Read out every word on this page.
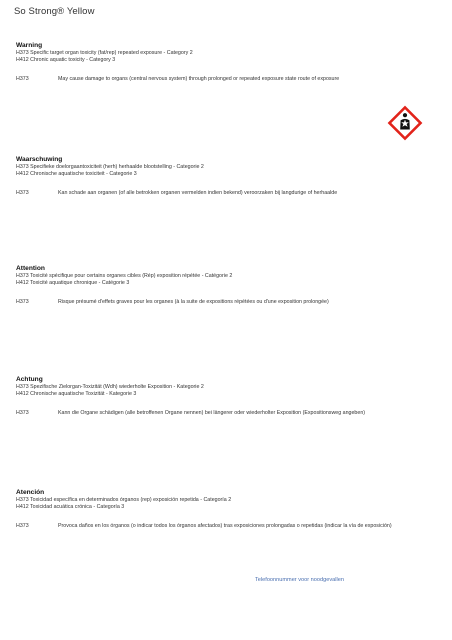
So Strong® Yellow
Warning
H373 Specific target organ toxicity (fat/rep) repeated exposure - Category 2
H412 Chronic aquatic toxicity - Category 3
H373	May cause damage to organs (central nervous system) through prolonged or repeated exposure state route of exposure
Waarschuwing
H373 Specifieke doelorgaantoxiciteit (herh) herhaalde blootstelling - Categorie 2
H412 Chronische aquatische toxiciteit - Categorie 3
H373	Kan schade aan organen (of alle betrokken organen vermelden indien bekend) veroorzaken bij langdurige of herhaalde
Attention
H373 Toxicité spécifique pour certains organes cibles (Rép) exposition répétée - Catégorie 2
H412 Toxicité aquatique chronique - Catégorie 3
H373	Risque présumé d'effets graves pour les organes (à la suite de expositions répétées ou d'une exposition prolongée)
Achtung
H373 Spezifische Zielorgan-Toxizität (Wdh) wiederholte Exposition - Kategorie 2
H412 Chronische aquatische Toxizität - Kategorie 3
H373	Kann die Organe schädigen (alle betroffenen Organe nennen) bei längerer oder wiederholter Exposition (Expositionsweg angeben)
Atención
H373 Toxicidad específica en determinados órganos (rep) exposición repetida - Categoría 2
H412 Toxicidad acuática crónica - Categoría 3
H373	Provoca daños en los órganos (o indicar todos los órganos afectados) tras exposiciones prolongadas o repetidas (indicar la vía de exposición)
Telefoonnummer voor noodgevallen
